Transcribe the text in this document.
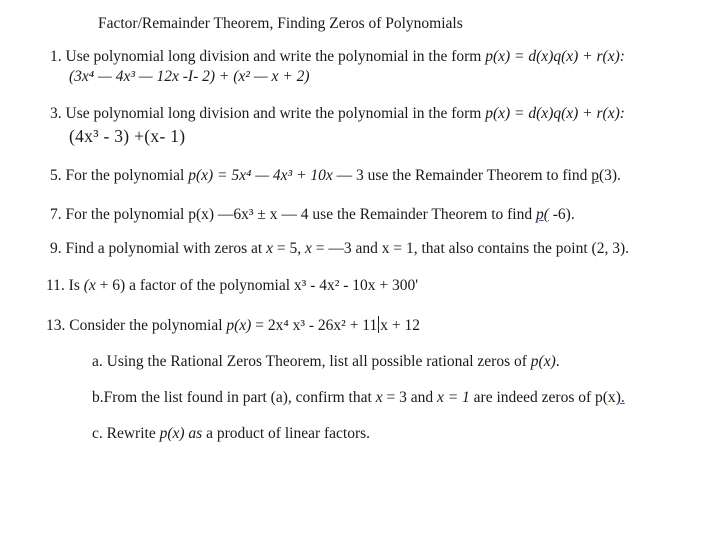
Factor/Remainder Theorem, Finding Zeros of Polynomials
1. Use polynomial long division and write the polynomial in the form p(x) = d(x)q(x) + r(x):
(3x⁴ — 4x³ — 12x -I- 2) + (x² — x + 2)
3. Use polynomial long division and write the polynomial in the form p(x) = d(x)q(x) + r(x):
(4x³ - 3) +(x- 1)
5. For the polynomial p(x) = 5x⁴ — 4x³ + 10x — 3 use the Remainder Theorem to find p(3).
7. For the polynomial p(x) —6x³ ± x — 4 use the Remainder Theorem to find p( -6).
9. Find a polynomial with zeros at x = 5, x = —3 and x = 1, that also contains the point (2, 3).
11. Is (x + 6) a factor of the polynomial x³ - 4x² - 10x + 300'
13. Consider the polynomial p(x) = 2x⁴ x³ - 26x² + 11 x + 12
a. Using the Rational Zeros Theorem, list all possible rational zeros of p(x).
b.From the list found in part (a), confirm that x = 3 and x = 1 are indeed zeros of p(x).
c. Rewrite p(x) as a product of linear factors.
